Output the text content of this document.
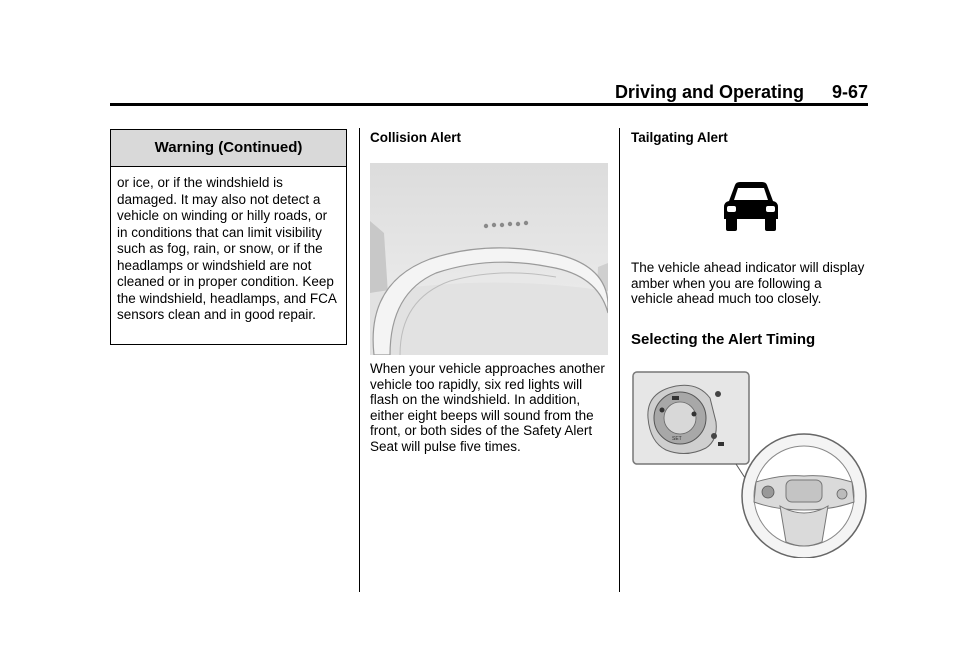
Driving and Operating 9-67
Warning (Continued)
or ice, or if the windshield is damaged. It may also not detect a vehicle on winding or hilly roads, or in conditions that can limit visibility such as fog, rain, or snow, or if the headlamps or windshield are not cleaned or in proper condition. Keep the windshield, headlamps, and FCA sensors clean and in good repair.
Collision Alert

When your vehicle approaches another vehicle too rapidly, six red lights will flash on the windshield. In addition, either eight beeps will sound from the front, or both sides of the Safety Alert Seat will pulse five times.

Tailgating Alert

The vehicle ahead indicator will display amber when you are following a vehicle ahead much too closely.

Selecting the Alert Timing
SET
